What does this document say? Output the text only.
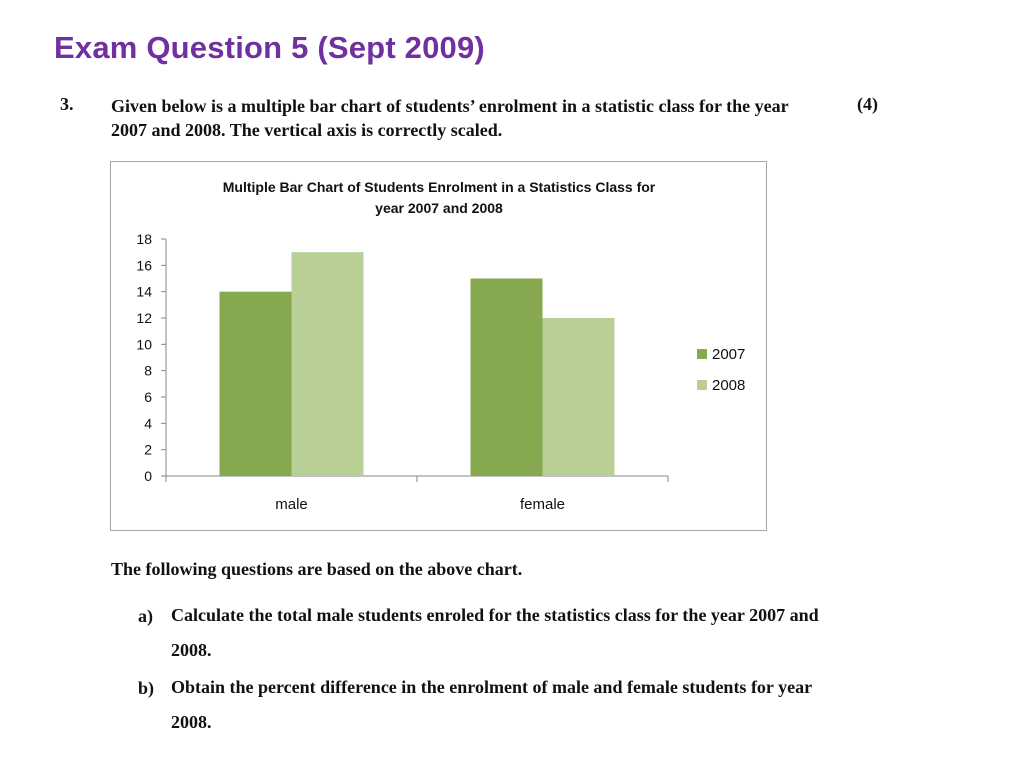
Exam Question 5 (Sept 2009)
3. Given below is a multiple bar chart of students’ enrolment in a statistic class for the year 2007 and 2008. The vertical axis is correctly scaled.
(4)
Multiple Bar Chart of Students Enrolment in a Statistics Class for
year 2007 and 2008
0
2
4
6
8
10
12
14
16
18
male	female
2007
2008
The following questions are based on the above chart.
a) Calculate the total male students enroled for the statistics class for the year 2007 and 2008.
b) Obtain the percent difference in the enrolment of male and female students for year 2008.
